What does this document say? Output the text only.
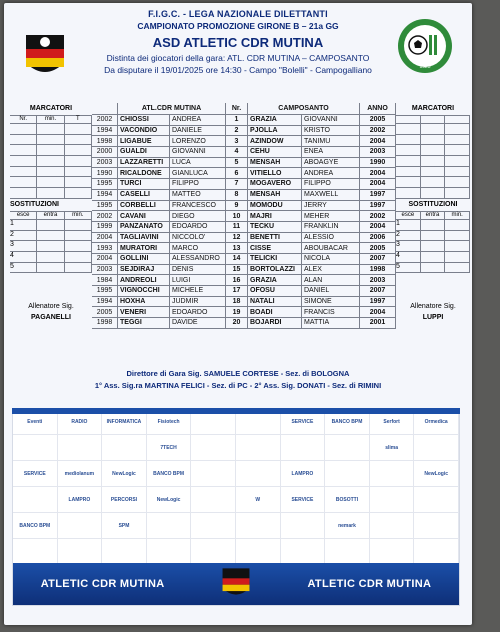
1925
F.I.G.C. - LEGA NAZIONALE DILETTANTI
CAMPIONATO PROMOZIONE GIRONE B – 21a GG
ASD ATLETIC CDR MUTINA
Distinta dei giocatori della gara: ATL. CDR MUTINA – CAMPOSANTO
Da disputare il 19/01/2025 ore 14:30 - Campo "Bolelli" - Campogalliano
MARCATORI
Nr.	min.	T
SOSTITUZIONI
esce	entra	min.
1
2
3
4
5
Allenatore Sig.
PAGANELLI
ATL.CDR MUTINA
2002	CHIOSSI	ANDREA
1994	VACONDIO	DANIELE
1998	LIGABUE	LORENZO
2000	GUALDI	GIOVANNI
2003	LAZZARETTI	LUCA
1990	RICALDONE	GIANLUCA
1995	TURCI	FILIPPO
1994	CASELLI	MATTEO
1995	CORBELLI	FRANCESCO
2002	CAVANI	DIEGO
1999	PANZANATO	EDOARDO
2004	TAGLIAVINI	NICCOLO'
1993	MURATORI	MARCO
2004	GOLLINI	ALESSANDRO
2003	SEJDIRAJ	DENIS
1984	ANDREOLI	LUIGI
1995	VIGNOCCHI	MICHELE
1994	HOXHA	JUDMIR
2005	VENERI	EDOARDO
1998	TEGGI	DAVIDE
Nr.	CAMPOSANTO	ANNO
1	GRAZIA	GIOVANNI	2005
2	PJOLLA	KRISTO	2002
3	AZINDOW	TANIMU	2004
4	CEHU	ENEA	2003
5	MENSAH	ABOAGYE	1990
6	VITIELLO	ANDREA	2004
7	MOGAVERO	FILIPPO	2004
8	MENSAH	MAXWELL	1997
9	MOMODU	JERRY	1997
10	MAJRI	MEHER	2002
11	TECKU	FRANKLIN	2004
12	BENETTI	ALESSIO	2006
13	CISSE	ABOUBACAR	2005
14	TELICKI	NICOLA	2007
15	BORTOLAZZI	ALEX	1998
16	GRAZIA	ALAN	2003
17	OFOSU	DANIEL	2007
18	NATALI	SIMONE	1997
19	BOADI	FRANCIS	2004
20	BOJARDI	MATTIA	2001
MARCATORI
SOSTITUZIONI
esce	entra	min.
1
2
3
4
5
Allenatore Sig.
LUPPI
Direttore di Gara Sig. SAMUELE CORTESE - Sez. di BOLOGNA
1° Ass. Sig.ra MARTINA FELICI - Sez. di PC - 2° Ass. Sig. DONATI - Sez. di RIMINI
Eventi	RADIO	INFORMATICA	Fisiotech	SERVICE	BANCO BPM	Serfort	Ormedica
7TECH	slima
SERVICE	mediolanum	NewLogic	BANCO BPM	LAMPRO	NewLogic
LAMPRO	PERCORSI	NewLogic	W	SERVICE	BOSOTTI
BANCO BPM	SPM	nemark
ATLETIC CDR MUTINA	ATLETIC CDR MUTINA
